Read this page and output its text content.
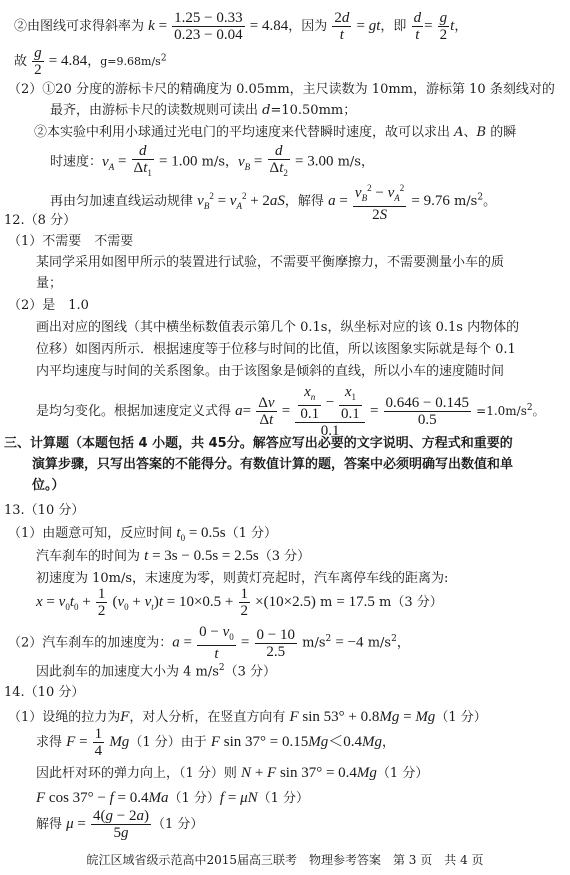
②由图线可求得斜率为 $k = \frac{1.25 - 0.33}{0.23 - 0.04} = 4.84$，因为 $\frac{2d}{t}$ = gt，即 $\frac{d}{t} = \frac{g}{2}$ t，
故 $\frac{g}{2} = 4.84$，$g=9.68m/s^2$
（2）①20 分度的游标卡尺的精确度为 0.05mm，主尺读数为 10mm，游标第 10 条刻线对的
最齐，由游标卡尺的读数规则可读出 d=10.50mm；
②本实验中利用小球通过光电门的平均速度来代替瞬时速度，故可以求出 A、B 的瞬
时速度：$v_A = \frac{d}{\Delta t_1} = 1.00$ m/s，$v_B = \frac{d}{\Delta t_2} = 3.00$ m/s，
再由匀加速直线运动规律 $v_B^2 = v_A^2 + 2aS$，解得 $a = \frac{v_B^2 - v_A^2}{2S} = 9.76$ $m/s^2$。
12.（8 分）
（1）不需要　不需要
某同学采用如图甲所示的装置进行试验，不需要平衡摩擦力，不需要测量小车的质
量；
（2）是　1.0
画出对应的图线（其中横坐标数值表示第几个 0.1s，纵坐标对应的该 0.1s 内物体的
位移）如图丙所示．根据速度等于位移与时间的比值，所以该图象实际就是每个 0.1
内平均速度与时间的关系图象。由于该图象是倾斜的直线，所以小车的速度随时间
是均匀变化。根据加速度定义式得 $a= \frac{\Delta v}{\Delta t} = \frac{\frac{x_n}{0.1} - \frac{x_1}{0.1}}{0.1} = \frac{0.646 - 0.145}{0.5} =1.0m/s^2$。
三、计算题（本题包括 4 小题，共 45分。解答应写出必要的文字说明、方程式和重要的
演算步骤，只写出答案的不能得分。有数值计算的题，答案中必须明确写出数值和单
位。）
13.（10 分）
（1）由题意可知，反应时间 $t_0 = 0.5s(1$ 分）
汽车刹车的时间为 t = 3s − 0.5s = 2.5s（3 分）
初速度为 10m/s，末速度为零，则黄灯亮起时，汽车离停车线的距离为:
$x = v_0t_0 + \frac{1}{2} (v_0 + v_t)t = 10\times 0.5 + \frac{1}{2} \times(10\times 2.5) m = 17.5$ m（3 分）
（2）汽车刹车的加速度为：$a = \frac{0 - v_0}{t} = \frac{0 - 10}{2.5} m/s^2 = -4$ $m/s^2$，
因此刹车的加速度大小为 4 $m/s^2(3$ 分）
14.（10 分）
（1）设绳的拉力为F，对人分析，在竖直方向有 F sin 53° + 0.8Mg = Mg（1 分）
求得 $F = \frac{1}{4} Mg(1$ 分）由于 F sin 37° = 0.15Mg＜0.4Mg，
因此杆对环的弹力向上，（1 分）则 N + F sin 37° = 0.4Mg（1 分）
F cos 37° − f = 0.4Ma（1 分）f = μN（1 分）
解得 $\mu = \frac{4(g - 2a)}{5g} (1$ 分）
皖江区域省级示范高中2015届高三联考　物理参考答案　第 3 页　共 4 页
